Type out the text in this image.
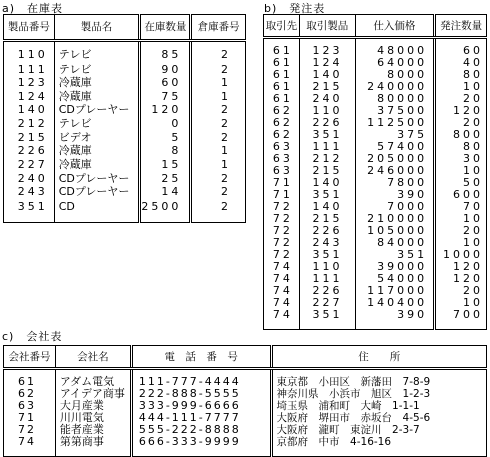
a)　在庫表
製品番号	製品名	在庫数量	倉庫番号
110	テレビ	85	2
111	テレビ	90	2
123	冷蔵庫	60	1
124	冷蔵庫	75	1
140	CDプレーヤー	120	2
212	テレビ	0	2
215	ビデオ	5	2
226	冷蔵庫	8	1
227	冷蔵庫	15	1
240	CDプレーヤー	25	2
243	CDプレーヤー	14	2
351	CD	2500	2
b)　発注表
取引先	取引製品	仕入価格	発注数量
61	123	48000	60
61	124	64000	40
61	140	8000	80
61	215	240000	10
61	240	80000	20
62	110	37500	120
62	226	112500	20
62	351	375	800
63	111	57400	80
63	212	205000	30
63	215	246000	10
71	140	7800	50
71	351	390	600
72	140	7000	70
72	215	210000	10
72	226	105000	20
72	243	84000	10
72	351	351	1000
74	110	39000	120
74	111	54000	120
74	226	117000	20
74	227	140400	10
74	351	390	700
c)　会社表
会社番号	会社名	電　話　番　号	住　　所
61	アダム電気	111-777-4444	東京都　小田区　新藩田　7-8-9
62	アイデア商事	222-888-5555	神奈川県　小浜市　旭区　1-2-3
63	大月産業	333-999-6666	埼玉県　浦和町　大崎　1-1-1
71	川川電気	444-111-7777	大阪府　堺田市　赤坂台　4-5-6
72	能者産業	555-222-8888	大阪府　瀧町　東淀川　2-3-7
74	第第商事	666-333-9999	京都府　中市　4-16-16
